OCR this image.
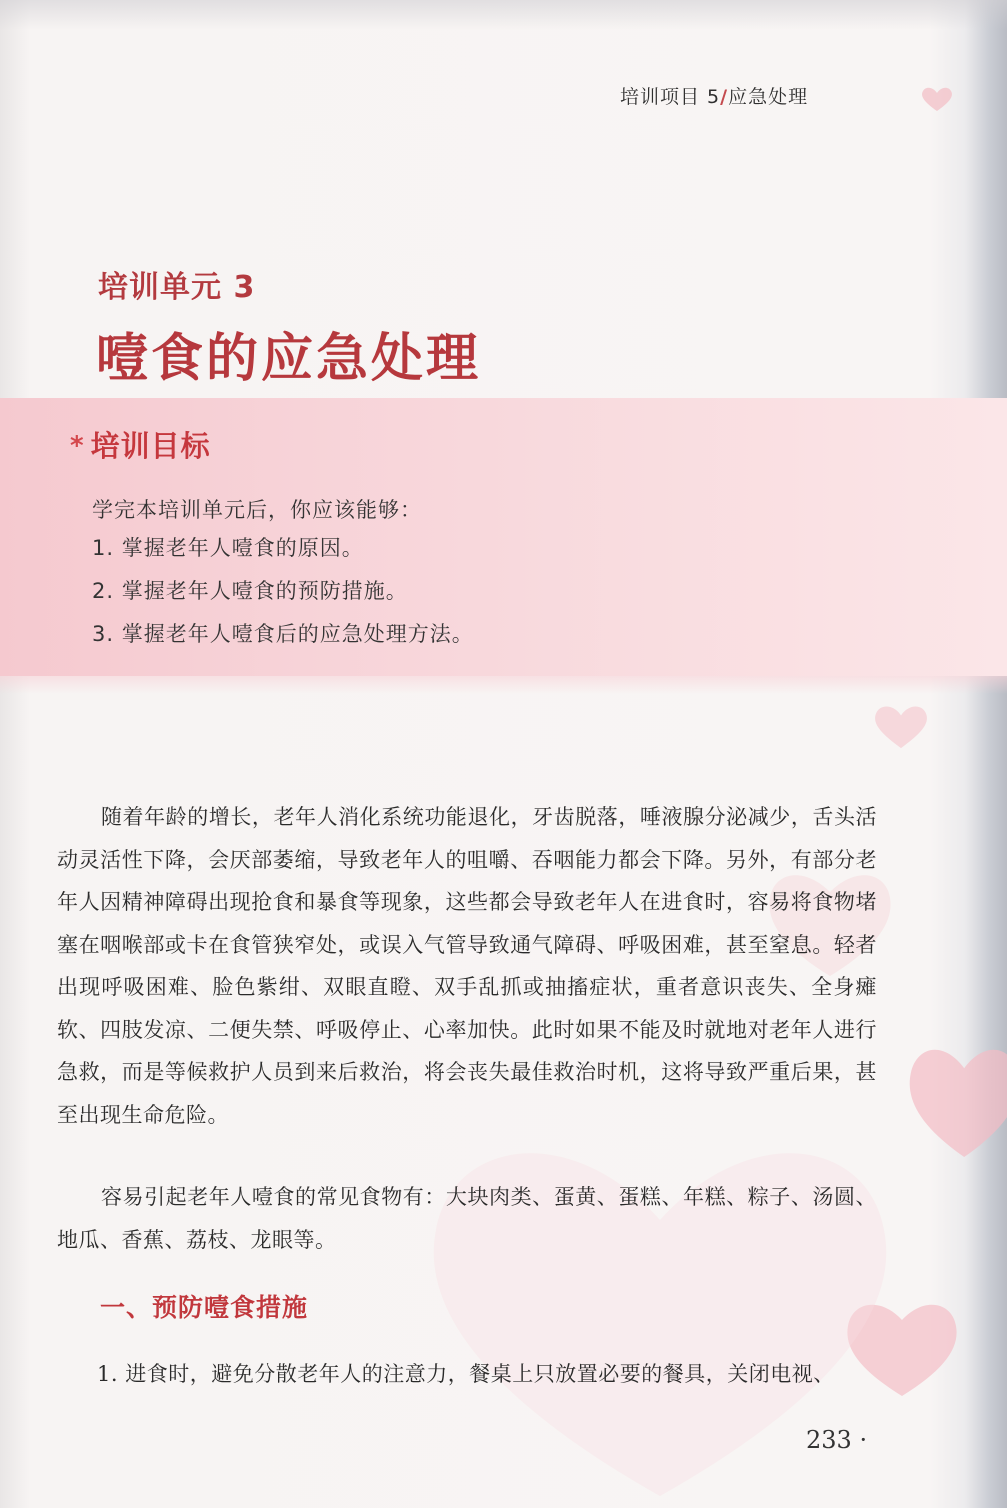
培训项目 5/应急处理
培训单元 3
噎食的应急处理
* 培训目标
学完本培训单元后，你应该能够：
1. 掌握老年人噎食的原因。
2. 掌握老年人噎食的预防措施。
3. 掌握老年人噎食后的应急处理方法。

随着年龄的增长，老年人消化系统功能退化，牙齿脱落，唾液腺分泌减少，舌头活动灵活性下降，会厌部萎缩，导致老年人的咀嚼、吞咽能力都会下降。另外，有部分老年人因精神障碍出现抢食和暴食等现象，这些都会导致老年人在进食时，容易将食物堵塞在咽喉部或卡在食管狭窄处，或误入气管导致通气障碍、呼吸困难，甚至窒息。轻者出现呼吸困难、脸色紫绀、双眼直瞪、双手乱抓或抽搐症状，重者意识丧失、全身瘫软、四肢发凉、二便失禁、呼吸停止、心率加快。此时如果不能及时就地对老年人进行急救，而是等候救护人员到来后救治，将会丧失最佳救治时机，这将导致严重后果，甚至出现生命危险。

容易引起老年人噎食的常见食物有：大块肉类、蛋黄、蛋糕、年糕、粽子、汤圆、地瓜、香蕉、荔枝、龙眼等。

一、预防噎食措施
1. 进食时，避免分散老年人的注意力，餐桌上只放置必要的餐具，关闭电视、
233 ·
